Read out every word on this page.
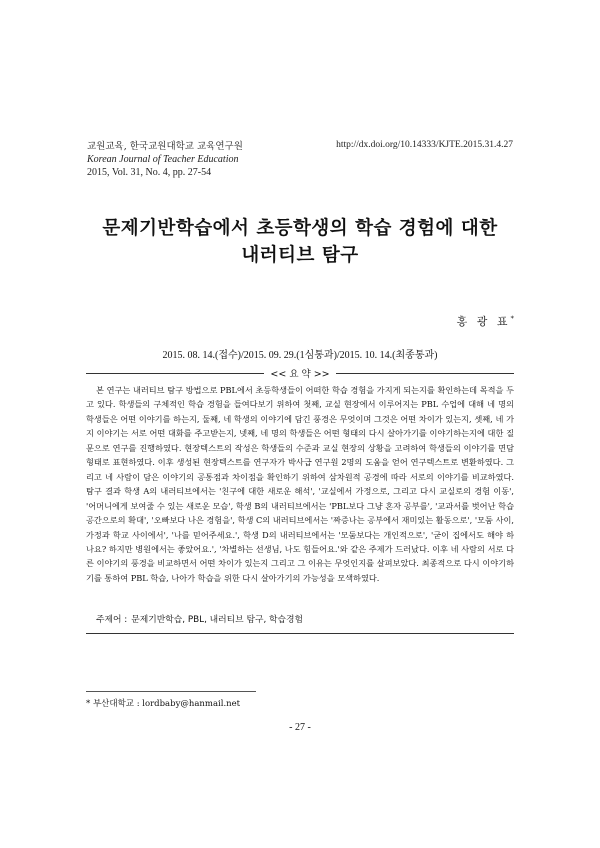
교원교육, 한국교원대학교 교육연구원
Korean Journal of Teacher Education
2015, Vol. 31, No. 4, pp. 27-54
http://dx.doi.org/10.14333/KJTE.2015.31.4.27
문제기반학습에서 초등학생의 학습 경험에 대한
내러티브 탐구
홍 광 표*
2015. 08. 14.(접수)/2015. 09. 29.(1심통과)/2015. 10. 14.(최종통과)
<< 요 약 >>
본 연구는 내러티브 탐구 방법으로 PBL에서 초등학생들이 어떠한 학습 경험을 가지게 되는지를 확인하는데 목적을 두고 있다. 학생들의 구체적인 학습 경험을 들여다보기 위하여 첫째, 교실 현장에서 이루어지는 PBL 수업에 대해 네 명의 학생들은 어떤 이야기를 하는지, 둘째, 네 학생의 이야기에 담긴 풍경은 무엇이며 그것은 어떤 차이가 있는지, 셋째, 네 가지 이야기는 서로 어떤 대화를 주고받는지, 넷째, 네 명의 학생들은 어떤 형태의 다시 살아가기를 이야기하는지에 대한 질문으로 연구를 진행하였다. 현장텍스트의 작성은 학생들의 수준과 교실 현장의 상황을 고려하여 학생들의 이야기를 면담 형태로 표현하였다. 이후 생성된 현장텍스트를 연구자가 박사급 연구원 2명의 도움을 얻어 연구텍스트로 변환하였다. 그리고 네 사람이 담은 이야기의 공통점과 차이점을 확인하기 위하여 삼차원적 공경에 따라 서로의 이야기를 비교하였다. 탐구 결과 학생 A의 내러티브에서는 '친구에 대한 새로운 해석', '교실에서 가정으로, 그리고 다시 교실로의 경험 이동', '어머니에게 보여줄 수 있는 새로운 모습', 학생 B의 내러티브에서는 'PBL보다 그냥 혼자 공부를', '교과서를 벗어난 학습 공간으로의 확대', '오빠보다 나은 경험을', 학생 C의 내러티브에서는 '짜증나는 공부에서 재미있는 활동으로', '모둠 사이, 가정과 학교 사이에서', '나를 믿어주세요.', 학생 D의 내러티브에서는 '모둠보다는 개인적으로', '굳이 집에서도 해야 하나요? 하지만 병원에서는 좋았어요.', '차별하는 선생님, 나도 힘들어요.'와 같은 주제가 드러났다. 이후 네 사람의 서로 다른 이야기의 풍경을 비교하면서 어떤 차이가 있는지 그리고 그 이유는 무엇인지를 살펴보았다. 최종적으로 다시 이야기하기를 통하여 PBL 학습, 나아가 학습을 위한 다시 살아가기의 가능성을 모색하였다.
주제어 : 문제기반학습, PBL, 내러티브 탐구, 학습경험
* 부산대학교 : lordbaby@hanmail.net
- 27 -
